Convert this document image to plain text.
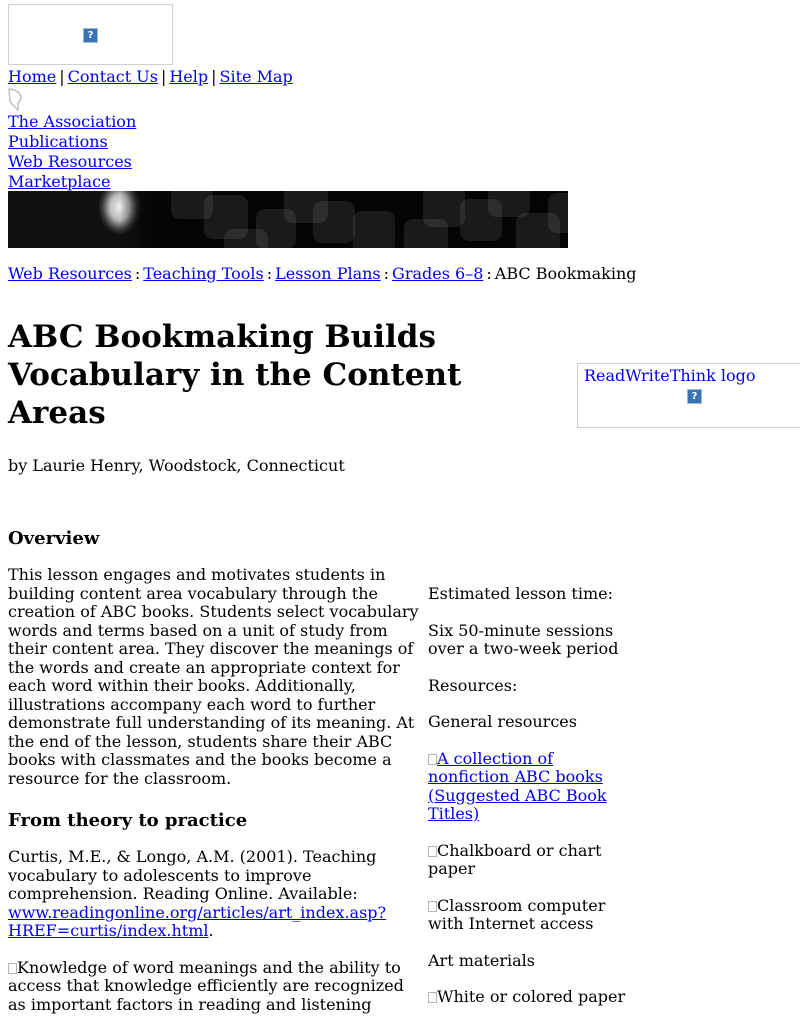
?
Home | Contact Us | Help | Site Map
The Association
Publications
Web Resources
Marketplace
Web Resources : Teaching Tools : Lesson Plans : Grades 6–8 : ABC Bookmaking
ABC Bookmaking Builds Vocabulary in the Content Areas
by Laurie Henry, Woodstock, Connecticut
ReadWriteThink logo
?
Overview

This lesson engages and motivates students in building content area vocabulary through the creation of ABC books. Students select vocabulary words and terms based on a unit of study from their content area. They discover the meanings of the words and create an appropriate context for each word within their books. Additionally, illustrations accompany each word to further demonstrate full understanding of its meaning. At the end of the lesson, students share their ABC books with classmates and the books become a resource for the classroom.

From theory to practice

Curtis, M.E., & Longo, A.M. (2001). Teaching vocabulary to adolescents to improve comprehension. Reading Online. Available: www.readingonline.org/articles/art_index.asp?HREF=curtis/index.html.

Knowledge of word meanings and the ability to access that knowledge efficiently are recognized as important factors in reading and listening

Estimated lesson time:

Six 50-minute sessions over a two-week period

Resources:

General resources

A collection of nonfiction ABC books (Suggested ABC Book Titles)

Chalkboard or chart paper

Classroom computer with Internet access

Art materials

White or colored paper
